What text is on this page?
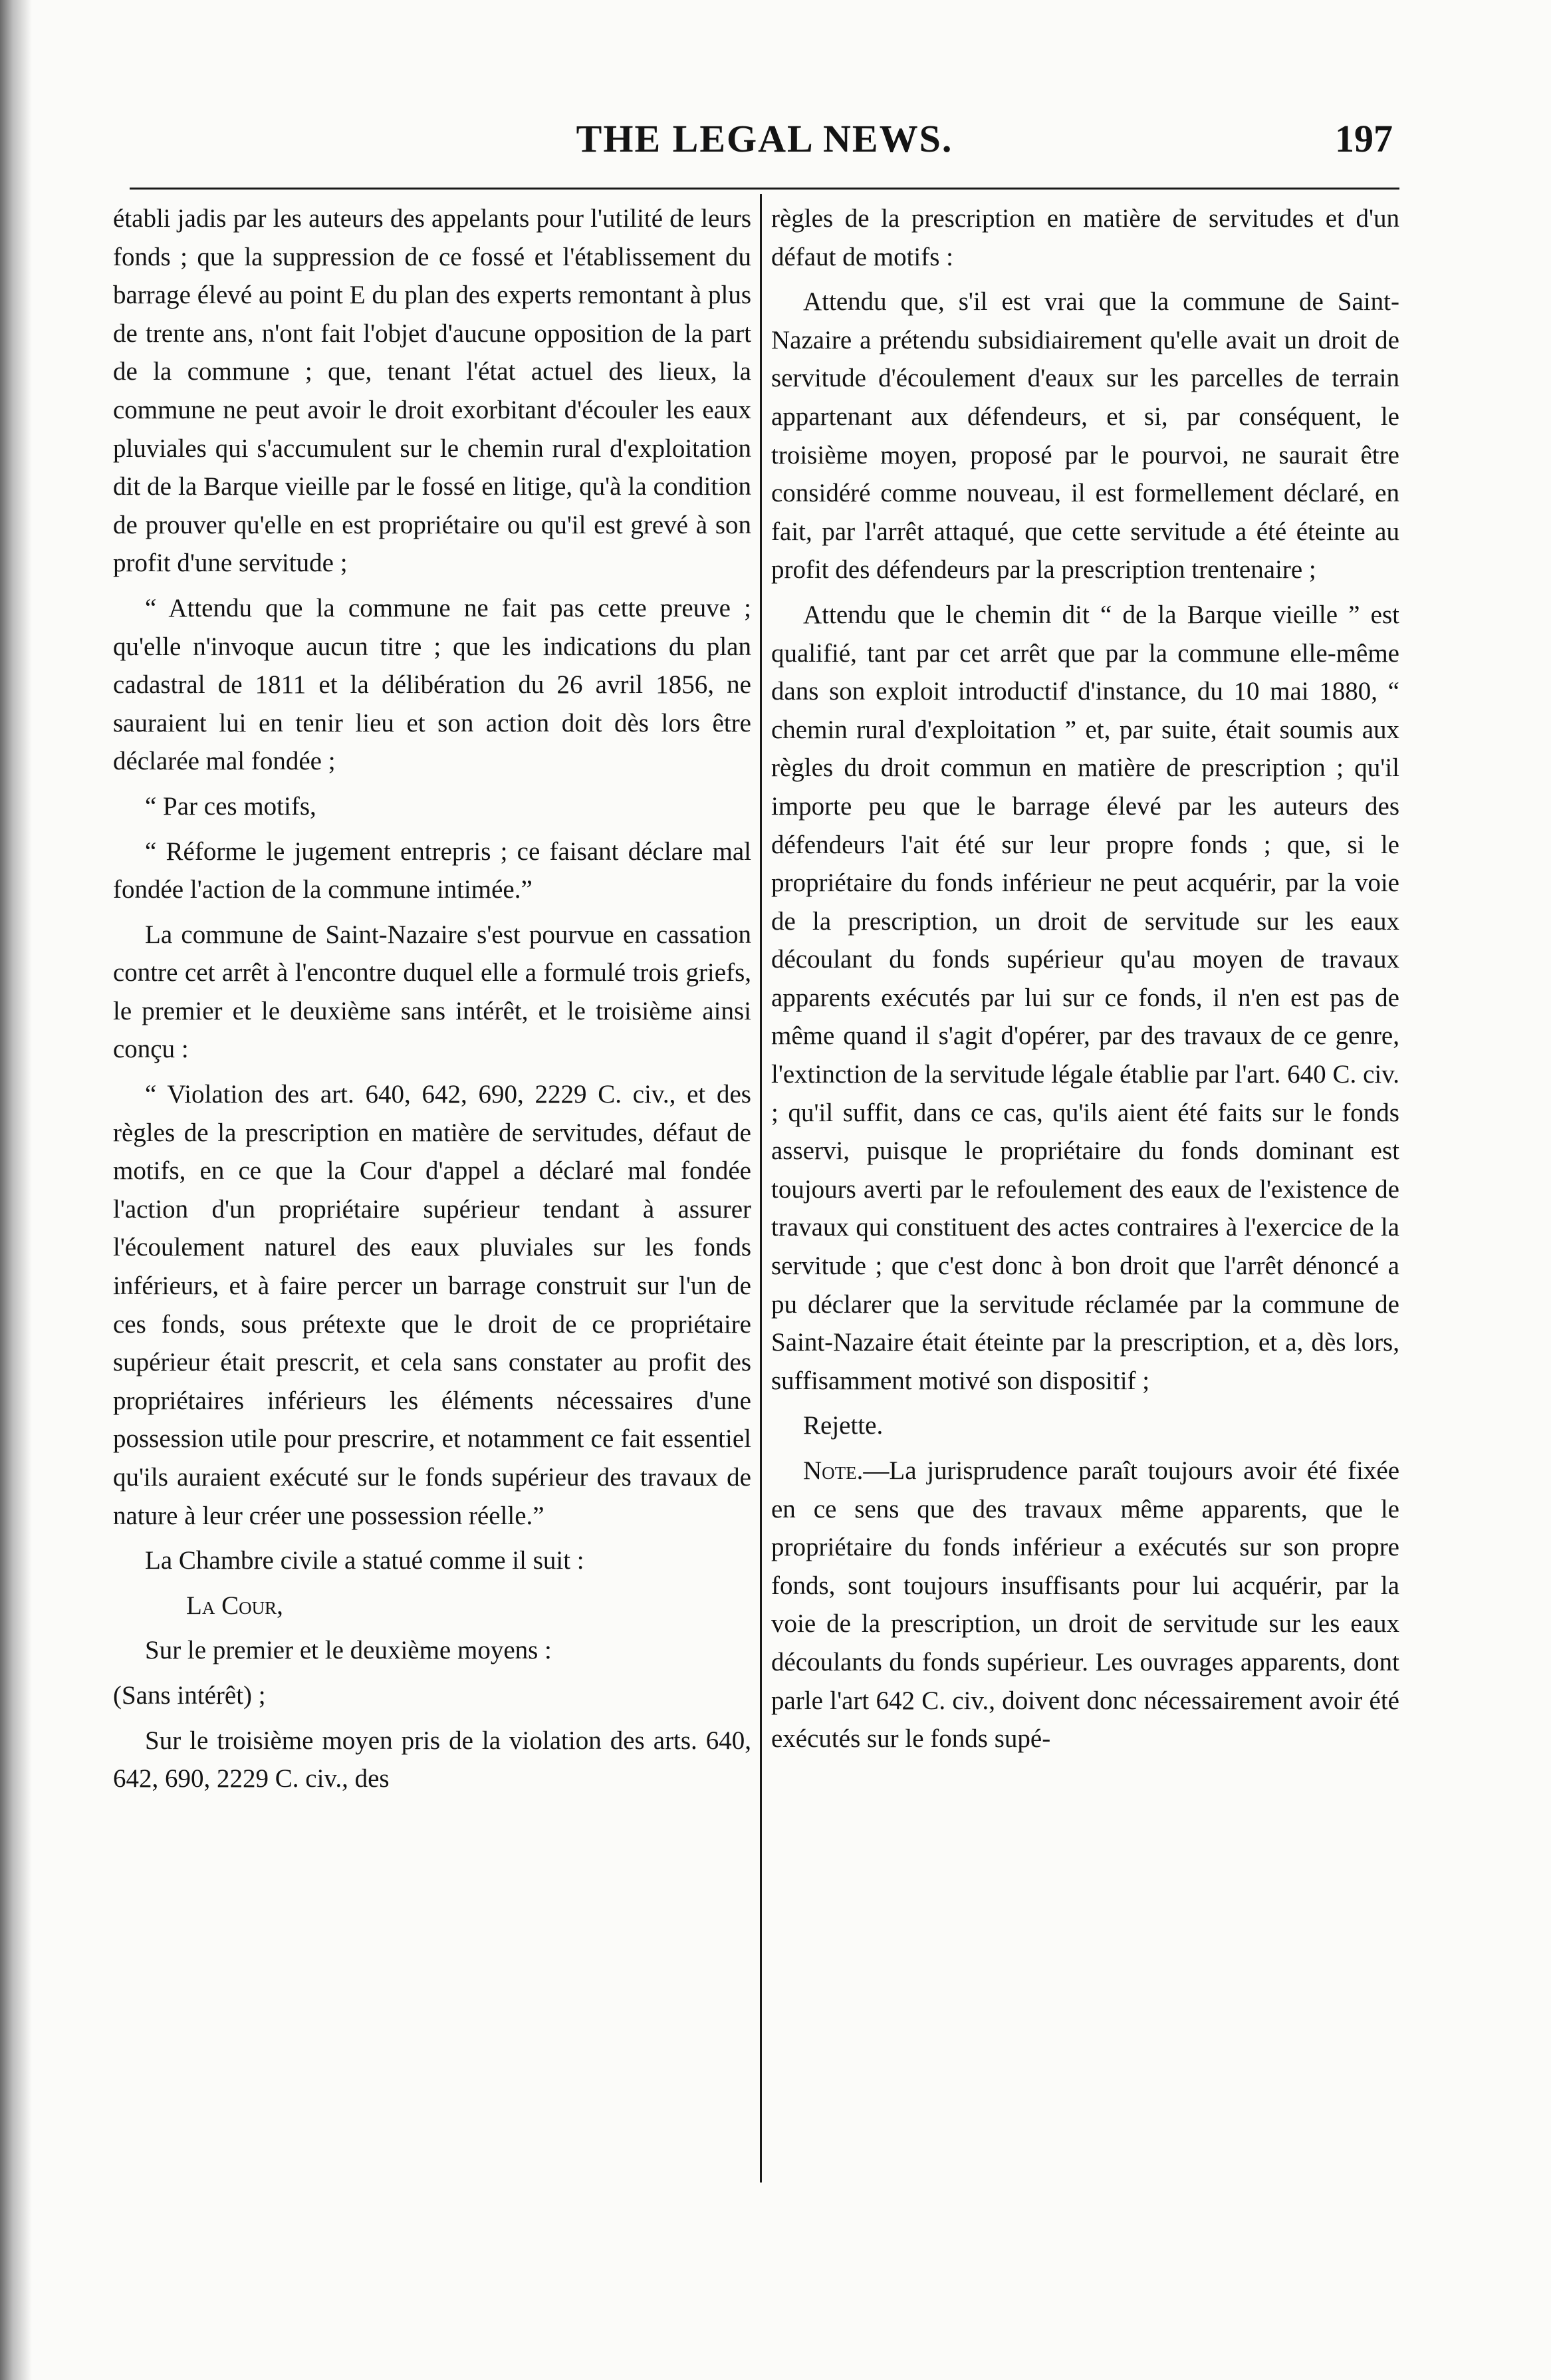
THE LEGAL NEWS.	197

établi jadis par les auteurs des appelants pour l'utilité de leurs fonds ; que la suppression de ce fossé et l'établissement du barrage élevé au point E du plan des experts remontant à plus de trente ans, n'ont fait l'objet d'aucune opposition de la part de la commune ; que, tenant l'état actuel des lieux, la commune ne peut avoir le droit exorbitant d'écouler les eaux pluviales qui s'accumulent sur le chemin rural d'exploitation dit de la Barque vieille par le fossé en litige, qu'à la condition de prouver qu'elle en est propriétaire ou qu'il est grevé à son profit d'une servitude ;

“ Attendu que la commune ne fait pas cette preuve ; qu'elle n'invoque aucun titre ; que les indications du plan cadastral de 1811 et la délibération du 26 avril 1856, ne sauraient lui en tenir lieu et son action doit dès lors être déclarée mal fondée ;

“ Par ces motifs,

“ Réforme le jugement entrepris ; ce faisant déclare mal fondée l'action de la commune intimée.”

La commune de Saint-Nazaire s'est pourvue en cassation contre cet arrêt à l'encontre duquel elle a formulé trois griefs, le premier et le deuxième sans intérêt, et le troisième ainsi conçu :

“ Violation des art. 640, 642, 690, 2229 C. civ., et des règles de la prescription en matière de servitudes, défaut de motifs, en ce que la Cour d'appel a déclaré mal fondée l'action d'un propriétaire supérieur tendant à assurer l'écoulement naturel des eaux pluviales sur les fonds inférieurs, et à faire percer un barrage construit sur l'un de ces fonds, sous prétexte que le droit de ce propriétaire supérieur était prescrit, et cela sans constater au profit des propriétaires inférieurs les éléments nécessaires d'une possession utile pour prescrire, et notamment ce fait essentiel qu'ils auraient exécuté sur le fonds supérieur des travaux de nature à leur créer une possession réelle.”

La Chambre civile a statué comme il suit :

La Cour,

Sur le premier et le deuxième moyens :

(Sans intérêt) ;

Sur le troisième moyen pris de la violation des arts. 640, 642, 690, 2229 C. civ., des

règles de la prescription en matière de servitudes et d'un défaut de motifs :

Attendu que, s'il est vrai que la commune de Saint-Nazaire a prétendu subsidiairement qu'elle avait un droit de servitude d'écoulement d'eaux sur les parcelles de terrain appartenant aux défendeurs, et si, par conséquent, le troisième moyen, proposé par le pourvoi, ne saurait être considéré comme nouveau, il est formellement déclaré, en fait, par l'arrêt attaqué, que cette servitude a été éteinte au profit des défendeurs par la prescription trentenaire ;

Attendu que le chemin dit “ de la Barque vieille ” est qualifié, tant par cet arrêt que par la commune elle-même dans son exploit introductif d'instance, du 10 mai 1880, “ chemin rural d'exploitation ” et, par suite, était soumis aux règles du droit commun en matière de prescription ; qu'il importe peu que le barrage élevé par les auteurs des défendeurs l'ait été sur leur propre fonds ; que, si le propriétaire du fonds inférieur ne peut acquérir, par la voie de la prescription, un droit de servitude sur les eaux découlant du fonds supérieur qu'au moyen de travaux apparents exécutés par lui sur ce fonds, il n'en est pas de même quand il s'agit d'opérer, par des travaux de ce genre, l'extinction de la servitude légale établie par l'art. 640 C. civ. ; qu'il suffit, dans ce cas, qu'ils aient été faits sur le fonds asservi, puisque le propriétaire du fonds dominant est toujours averti par le refoulement des eaux de l'existence de travaux qui constituent des actes contraires à l'exercice de la servitude ; que c'est donc à bon droit que l'arrêt dénoncé a pu déclarer que la servitude réclamée par la commune de Saint-Nazaire était éteinte par la prescription, et a, dès lors, suffisamment motivé son dispositif ;

Rejette.

Note.—La jurisprudence paraît toujours avoir été fixée en ce sens que des travaux même apparents, que le propriétaire du fonds inférieur a exécutés sur son propre fonds, sont toujours insuffisants pour lui acquérir, par la voie de la prescription, un droit de servitude sur les eaux découlants du fonds supérieur. Les ouvrages apparents, dont parle l'art 642 C. civ., doivent donc nécessairement avoir été exécutés sur le fonds supé-
